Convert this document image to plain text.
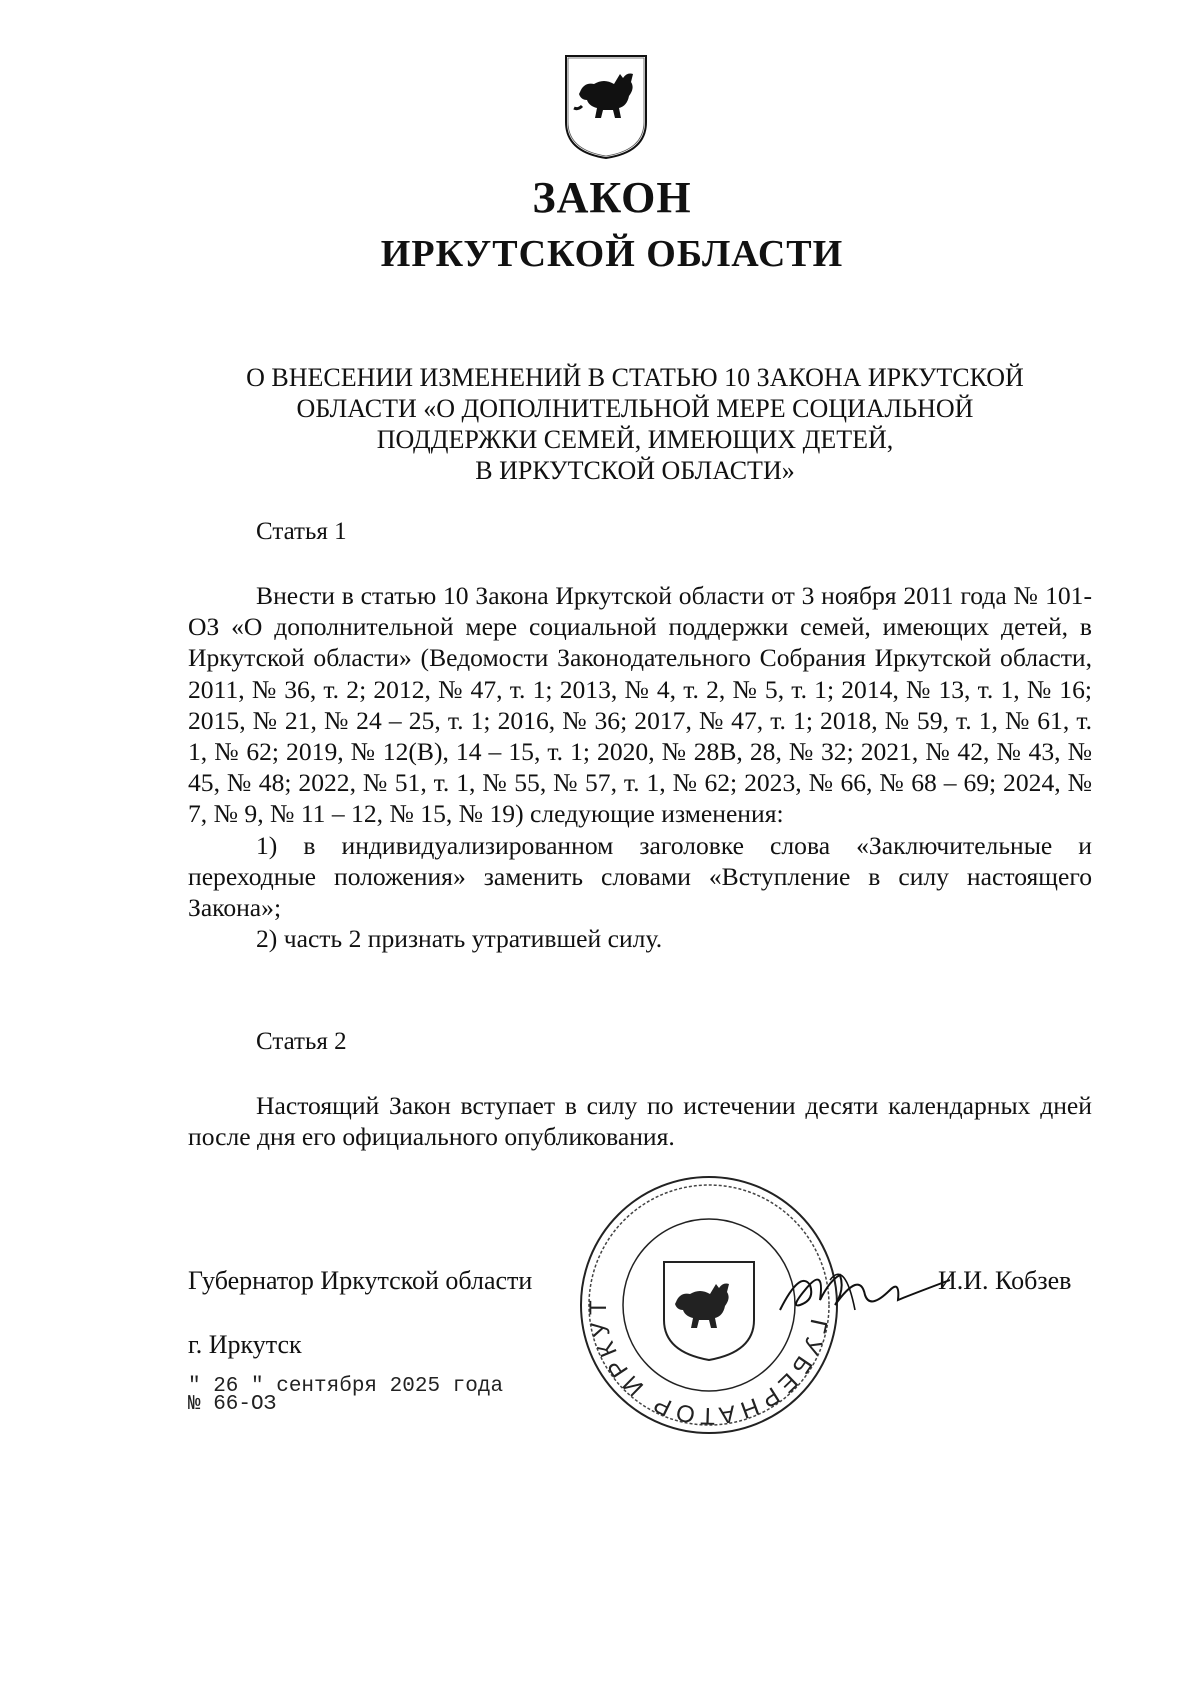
ЗАКОН
ИРКУТСКОЙ ОБЛАСТИ
О ВНЕСЕНИИ ИЗМЕНЕНИЙ В СТАТЬЮ 10 ЗАКОНА ИРКУТСКОЙ
ОБЛАСТИ «О ДОПОЛНИТЕЛЬНОЙ МЕРЕ СОЦИАЛЬНОЙ
ПОДДЕРЖКИ СЕМЕЙ, ИМЕЮЩИХ ДЕТЕЙ,
В ИРКУТСКОЙ ОБЛАСТИ»
Статья 1

Внести в статью 10 Закона Иркутской области от 3 ноября 2011 года № 101-ОЗ «О дополнительной мере социальной поддержки семей, имеющих детей, в Иркутской области» (Ведомости Законодательного Собрания Иркутской области, 2011, № 36, т. 2; 2012, № 47, т. 1; 2013, № 4, т. 2, № 5, т. 1; 2014, № 13, т. 1, № 16; 2015, № 21, № 24 – 25, т. 1; 2016, № 36; 2017, № 47, т. 1; 2018, № 59, т. 1, № 61, т. 1, № 62; 2019, № 12(В), 14 – 15, т. 1; 2020, № 28В, 28, № 32; 2021, № 42, № 43, № 45, № 48; 2022, № 51, т. 1, № 55, № 57, т. 1, № 62; 2023, № 66, № 68 – 69; 2024, № 7, № 9, № 11 – 12, № 15, № 19) следующие изменения:

1) в индивидуализированном заголовке слова «Заключительные и переходные положения» заменить словами «Вступление в силу настоящего Закона»;

2) часть 2 признать утратившей силу.

Статья 2

Настоящий Закон вступает в силу по истечении десяти календарных дней после дня его официального опубликования.

ГУБЕРНАТОР ИРКУТ
Губернатор Иркутской области	И.И. Кобзев
г. Иркутск
" 26 " сентября 2025 года
№ 66-ОЗ
